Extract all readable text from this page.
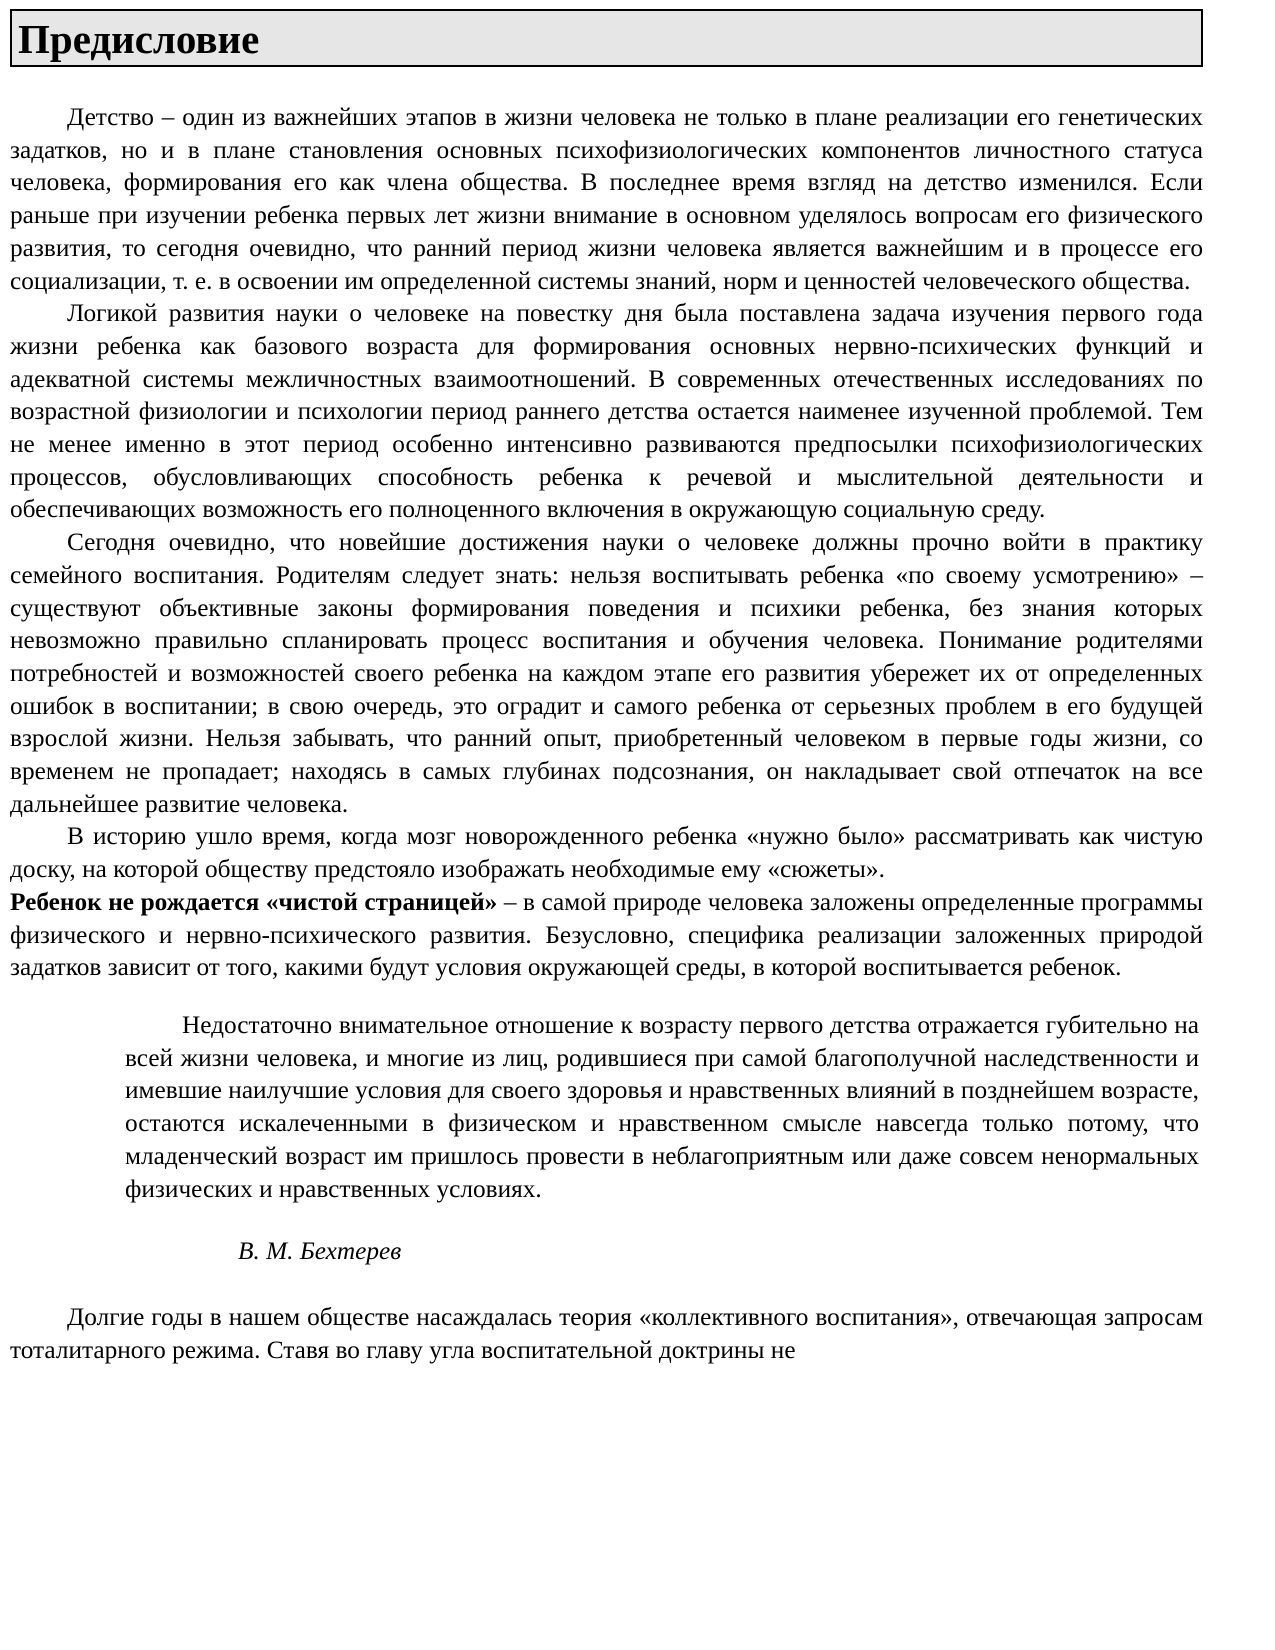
Предисловие

Детство – один из важнейших этапов в жизни человека не только в плане реализации его генетических задатков, но и в плане становления основных психофизиологических компонентов личностного статуса человека, формирования его как члена общества. В последнее время взгляд на детство изменился. Если раньше при изучении ребенка первых лет жизни внимание в основном уделялось вопросам его физического развития, то сегодня очевидно, что ранний период жизни человека является важнейшим и в процессе его социализации, т. е. в освоении им определенной системы знаний, норм и ценностей человеческого общества.

Логикой развития науки о человеке на повестку дня была поставлена задача изучения первого года жизни ребенка как базового возраста для формирования основных нервно-психических функций и адекватной системы межличностных взаимоотношений. В современных отечественных исследованиях по возрастной физиологии и психологии период раннего детства остается наименее изученной проблемой. Тем не менее именно в этот период особенно интенсивно развиваются предпосылки психофизиологических процессов, обусловливающих способность ребенка к речевой и мыслительной деятельности и обеспечивающих возможность его полноценного включения в окружающую социальную среду.

Сегодня очевидно, что новейшие достижения науки о человеке должны прочно войти в практику семейного воспитания. Родителям следует знать: нельзя воспитывать ребенка «по своему усмотрению» – существуют объективные законы формирования поведения и психики ребенка, без знания которых невозможно правильно спланировать процесс воспитания и обучения человека. Понимание родителями потребностей и возможностей своего ребенка на каждом этапе его развития убережет их от определенных ошибок в воспитании; в свою очередь, это оградит и самого ребенка от серьезных проблем в его будущей взрослой жизни. Нельзя забывать, что ранний опыт, приобретенный человеком в первые годы жизни, со временем не пропадает; находясь в самых глубинах подсознания, он накладывает свой отпечаток на все дальнейшее развитие человека.

В историю ушло время, когда мозг новорожденного ребенка «нужно было» рассматривать как чистую доску, на которой обществу предстояло изображать необходимые ему «сюжеты».
Ребенок не рождается «чистой страницей» – в самой природе человека заложены определенные программы физического и нервно-психического развития. Безусловно, специфика реализации заложенных природой задатков зависит от того, какими будут условия окружающей среды, в которой воспитывается ребенок.

Недостаточно внимательное отношение к возрасту первого детства отражается губительно на всей жизни человека, и многие из лиц, родившиеся при самой благополучной наследственности и имевшие наилучшие условия для своего здоровья и нравственных влияний в позднейшем возрасте, остаются искалеченными в физическом и нравственном смысле навсегда только потому, что младенческий возраст им пришлось провести в неблагоприятным или даже совсем ненормальных физических и нравственных условиях.

В. М. Бехтерев

Долгие годы в нашем обществе насаждалась теория «коллективного воспитания», отвечающая запросам тоталитарного режима. Ставя во главу угла воспитательной доктрины не
